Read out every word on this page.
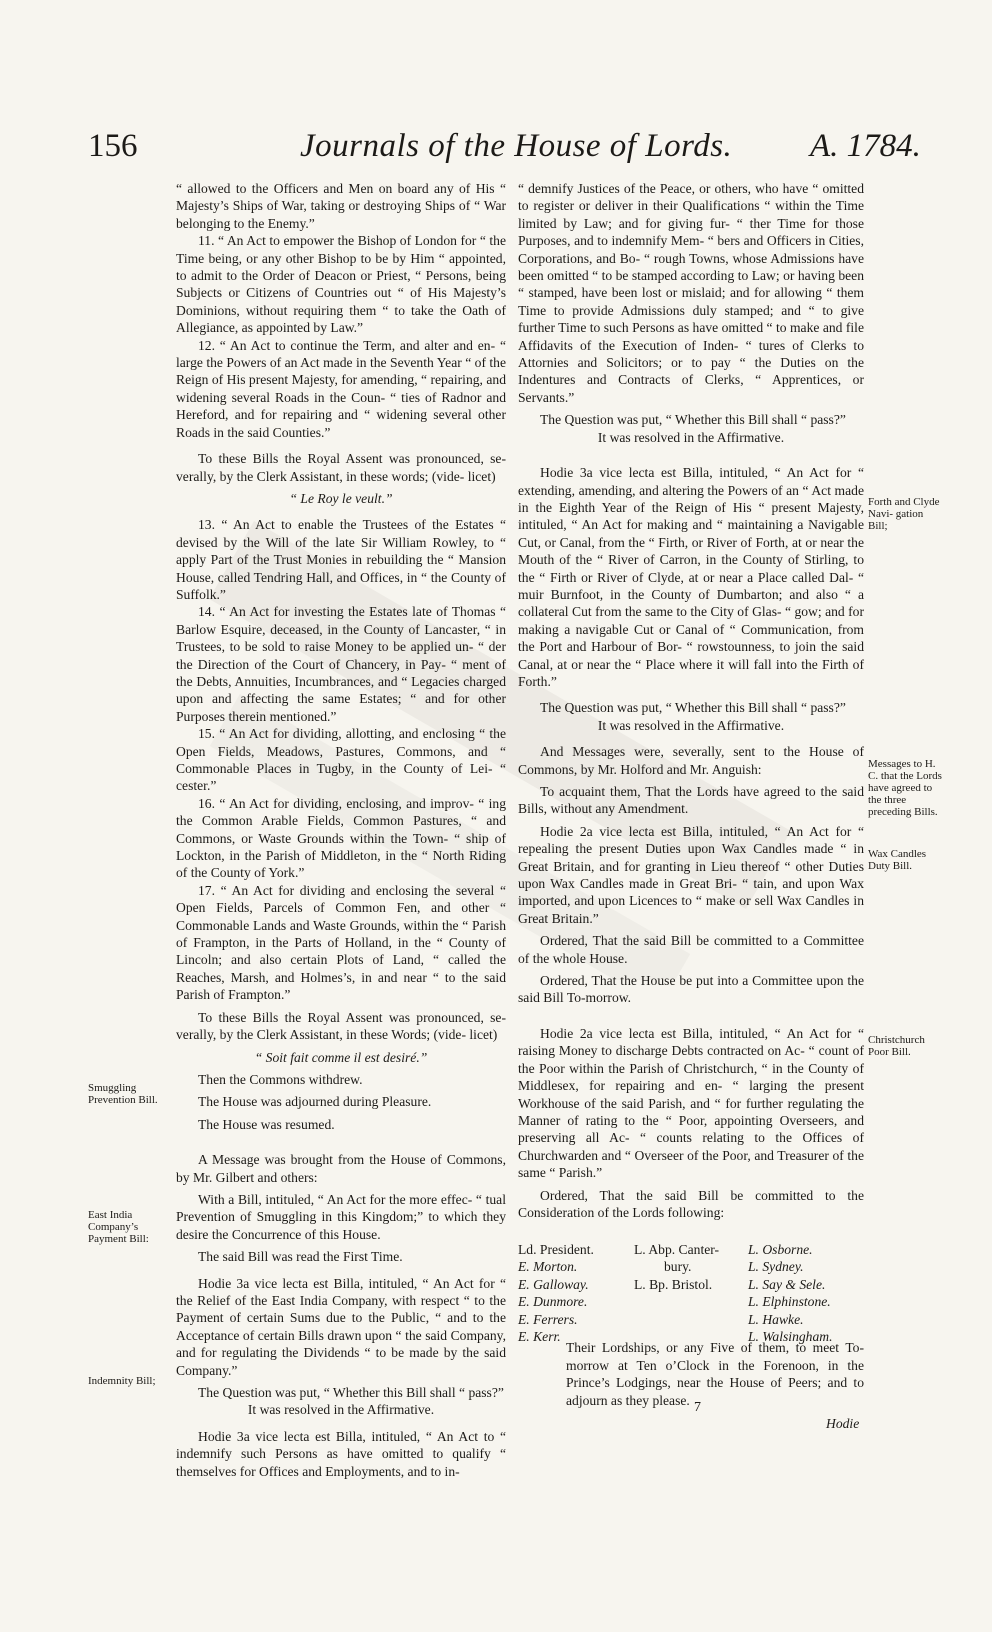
156	Journals of the House of Lords. A. 1784.

“ allowed to the Officers and Men on board any of His “ Majesty’s Ships of War, taking or destroying Ships of “ War belonging to the Enemy.”

11. “ An Act to empower the Bishop of London for “ the Time being, or any other Bishop to be by Him “ appointed, to admit to the Order of Deacon or Priest, “ Persons, being Subjects or Citizens of Countries out “ of His Majesty’s Dominions, without requiring them “ to take the Oath of Allegiance, as appointed by Law.”

12. “ An Act to continue the Term, and alter and en- “ large the Powers of an Act made in the Seventh Year “ of the Reign of His present Majesty, for amending, “ repairing, and widening several Roads in the Coun- “ ties of Radnor and Hereford, and for repairing and “ widening several other Roads in the said Counties.”

To these Bills the Royal Assent was pronounced, se- verally, by the Clerk Assistant, in these words; (vide- licet)

“ Le Roy le veult.”

13. “ An Act to enable the Trustees of the Estates “ devised by the Will of the late Sir William Rowley, to “ apply Part of the Trust Monies in rebuilding the “ Mansion House, called Tendring Hall, and Offices, in “ the County of Suffolk.”

14. “ An Act for investing the Estates late of Thomas “ Barlow Esquire, deceased, in the County of Lancaster, “ in Trustees, to be sold to raise Money to be applied un- “ der the Direction of the Court of Chancery, in Pay- “ ment of the Debts, Annuities, Incumbrances, and “ Legacies charged upon and affecting the same Estates; “ and for other Purposes therein mentioned.”

15. “ An Act for dividing, allotting, and enclosing “ the Open Fields, Meadows, Pastures, Commons, and “ Commonable Places in Tugby, in the County of Lei- “ cester.”

16. “ An Act for dividing, enclosing, and improv- “ ing the Common Arable Fields, Common Pastures, “ and Commons, or Waste Grounds within the Town- “ ship of Lockton, in the Parish of Middleton, in the “ North Riding of the County of York.”

17. “ An Act for dividing and enclosing the several “ Open Fields, Parcels of Common Fen, and other “ Commonable Lands and Waste Grounds, within the “ Parish of Frampton, in the Parts of Holland, in the “ County of Lincoln; and also certain Plots of Land, “ called the Reaches, Marsh, and Holmes’s, in and near “ to the said Parish of Frampton.”

To these Bills the Royal Assent was pronounced, se- verally, by the Clerk Assistant, in these Words; (vide- licet)

“ Soit fait comme il est desiré.”

Then the Commons withdrew.

The House was adjourned during Pleasure.

The House was resumed.

A Message was brought from the House of Commons, by Mr. Gilbert and others:

With a Bill, intituled, “ An Act for the more effec- “ tual Prevention of Smuggling in this Kingdom;” to which they desire the Concurrence of this House.

The said Bill was read the First Time.

Hodie 3a vice lecta est Billa, intituled, “ An Act for “ the Relief of the East India Company, with respect “ to the Payment of certain Sums due to the Public, “ and to the Acceptance of certain Bills drawn upon “ the said Company, and for regulating the Dividends “ to be made by the said Company.”

The Question was put, “ Whether this Bill shall “ pass?”

It was resolved in the Affirmative.

Hodie 3a vice lecta est Billa, intituled, “ An Act to “ indemnify such Persons as have omitted to qualify “ themselves for Offices and Employments, and to in-

“ demnify Justices of the Peace, or others, who have “ omitted to register or deliver in their Qualifications “ within the Time limited by Law; and for giving fur- “ ther Time for those Purposes, and to indemnify Mem- “ bers and Officers in Cities, Corporations, and Bo- “ rough Towns, whose Admissions have been omitted “ to be stamped according to Law; or having been “ stamped, have been lost or mislaid; and for allowing “ them Time to provide Admissions duly stamped; and “ to give further Time to such Persons as have omitted “ to make and file Affidavits of the Execution of Inden- “ tures of Clerks to Attornies and Solicitors; or to pay “ the Duties on the Indentures and Contracts of Clerks, “ Apprentices, or Servants.”

The Question was put, “ Whether this Bill shall “ pass?”

It was resolved in the Affirmative.

Hodie 3a vice lecta est Billa, intituled, “ An Act for “ extending, amending, and altering the Powers of an “ Act made in the Eighth Year of the Reign of His “ present Majesty, intituled, “ An Act for making and “ maintaining a Navigable Cut, or Canal, from the “ Firth, or River of Forth, at or near the Mouth of the “ River of Carron, in the County of Stirling, to the “ Firth or River of Clyde, at or near a Place called Dal- “ muir Burnfoot, in the County of Dumbarton; and also “ a collateral Cut from the same to the City of Glas- “ gow; and for making a navigable Cut or Canal of “ Communication, from the Port and Harbour of Bor- “ rowstounness, to join the said Canal, at or near the “ Place where it will fall into the Firth of Forth.”

The Question was put, “ Whether this Bill shall “ pass?”

It was resolved in the Affirmative.

And Messages were, severally, sent to the House of Commons, by Mr. Holford and Mr. Anguish:

To acquaint them, That the Lords have agreed to the said Bills, without any Amendment.

Hodie 2a vice lecta est Billa, intituled, “ An Act for “ repealing the present Duties upon Wax Candles made “ in Great Britain, and for granting in Lieu thereof “ other Duties upon Wax Candles made in Great Bri- “ tain, and upon Wax imported, and upon Licences to “ make or sell Wax Candles in Great Britain.”

Ordered, That the said Bill be committed to a Committee of the whole House.

Ordered, That the House be put into a Committee upon the said Bill To-morrow.

Hodie 2a vice lecta est Billa, intituled, “ An Act for “ raising Money to discharge Debts contracted on Ac- “ count of the Poor within the Parish of Christchurch, “ in the County of Middlesex, for repairing and en- “ larging the present Workhouse of the said Parish, and “ for further regulating the Manner of rating to the “ Poor, appointing Overseers, and preserving all Ac- “ counts relating to the Offices of Churchwarden and “ Overseer of the Poor, and Treasurer of the same “ Parish.”

Ordered, That the said Bill be committed to the Consideration of the Lords following:

Their Lordships, or any Five of them, to meet To-morrow at Ten o’Clock in the Forenoon, in the Prince’s Lodgings, near the House of Peers; and to adjourn as they please.

Ld. President.
E. Morton.
E. Galloway.
E. Dunmore.
E. Ferrers.
E. Kerr.
L. Abp. Canter-
bury.
L. Bp. Bristol.
L. Osborne.
L. Sydney.
L. Say & Sele.
L. Elphinstone.
L. Hawke.
L. Walsingham.
Smuggling Prevention Bill.
East India Company’s Payment Bill:
Indemnity Bill;
Forth and Clyde Navi- gation Bill;
Messages to H. C. that the Lords have agreed to the three preceding Bills.
Wax Candles Duty Bill.
Christchurch Poor Bill.
7
Hodie
